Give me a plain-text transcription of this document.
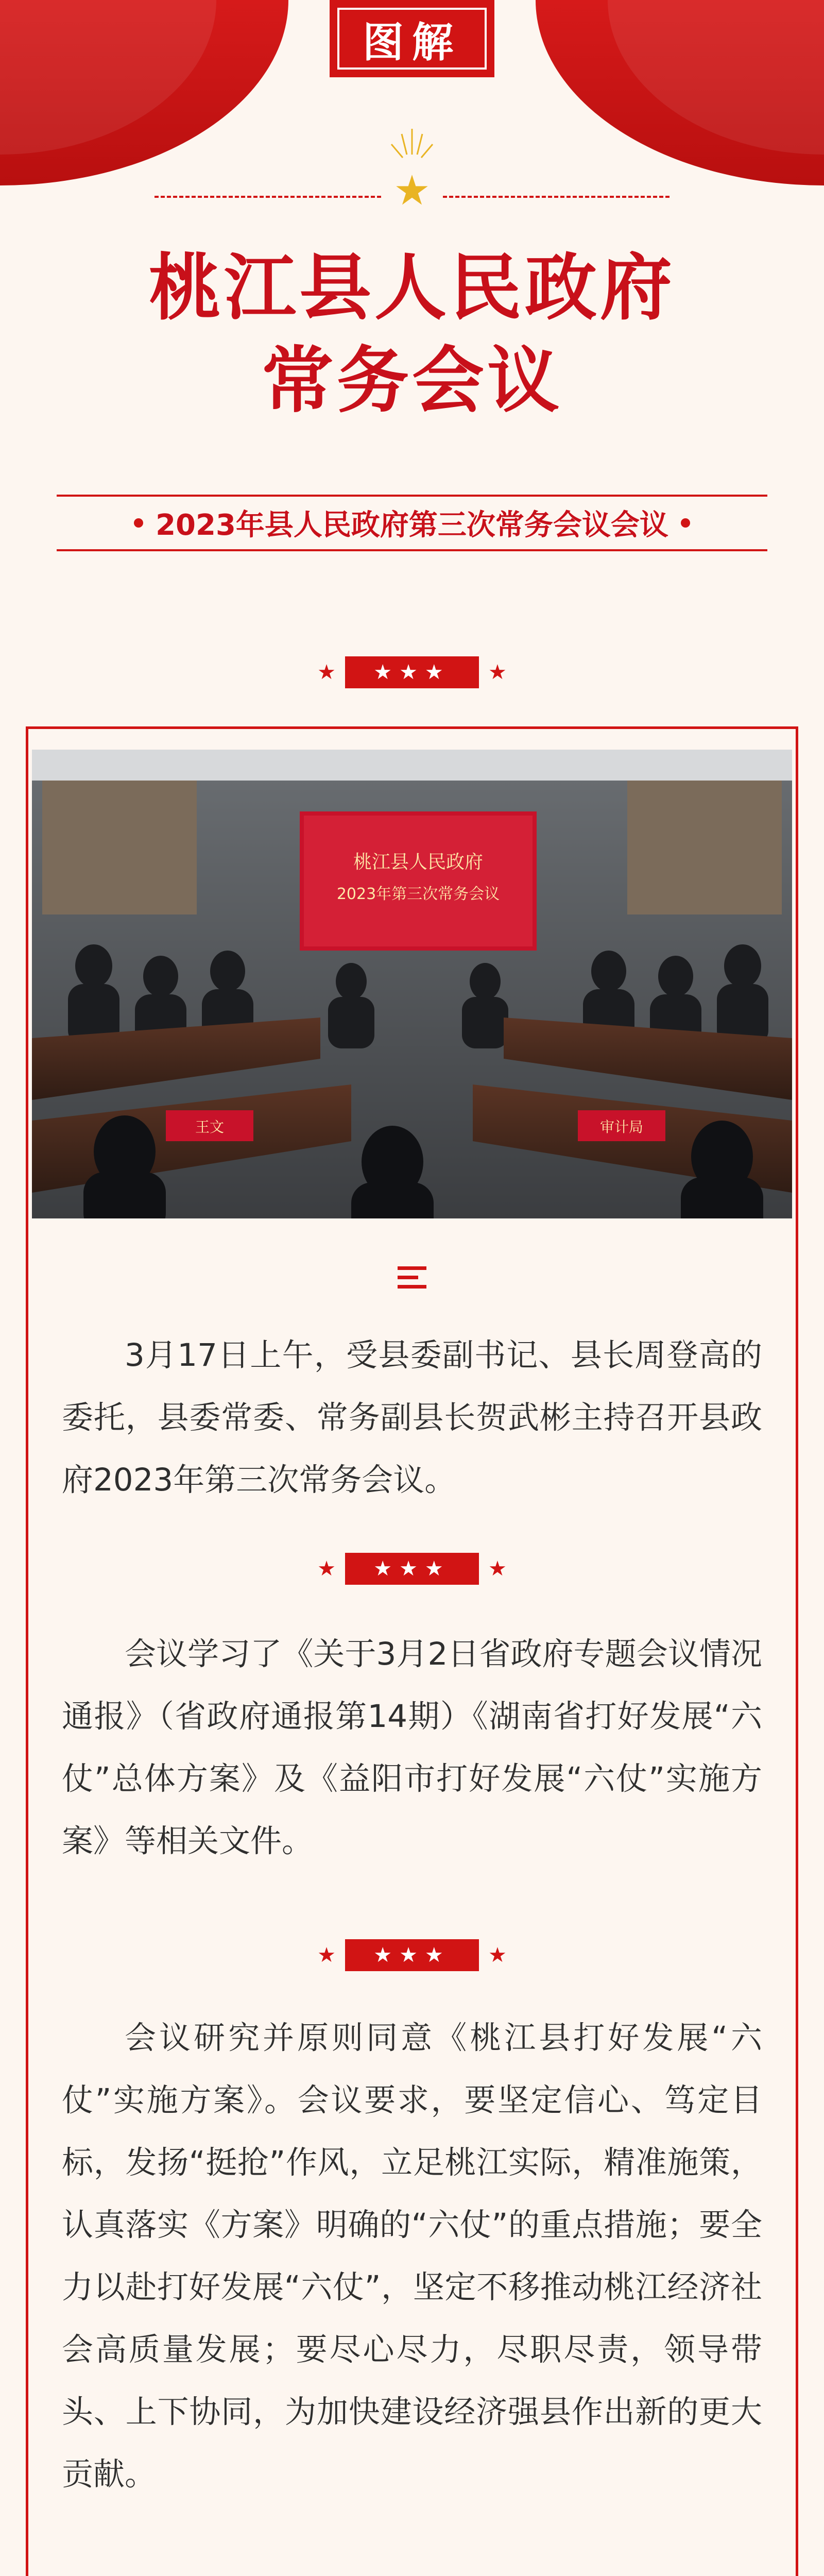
图解
★
桃江县人民政府
常务会议
2023年县人民政府第三次常务会议会议
★	★★★	★
桃江县人民政府
2023年第三次常务会议
王文	审计局
3月17日上午，受县委副书记、县长周登高的委托，县委常委、常务副县长贺武彬主持召开县政府2023年第三次常务会议。
★	★★★	★
会议学习了《关于3月2日省政府专题会议情况通报》（省政府通报第14期）《湖南省打好发展“六仗”总体方案》及《益阳市打好发展“六仗”实施方案》等相关文件。
★	★★★	★
会议研究并原则同意《桃江县打好发展“六仗”实施方案》。会议要求，要坚定信心、笃定目标，发扬“挺抢”作风，立足桃江实际，精准施策，认真落实《方案》明确的“六仗”的重点措施；要全力以赴打好发展“六仗”，坚定不移推动桃江经济社会高质量发展；要尽心尽力，尽职尽责，领导带头、上下协同，为加快建设经济强县作出新的更大贡献。
